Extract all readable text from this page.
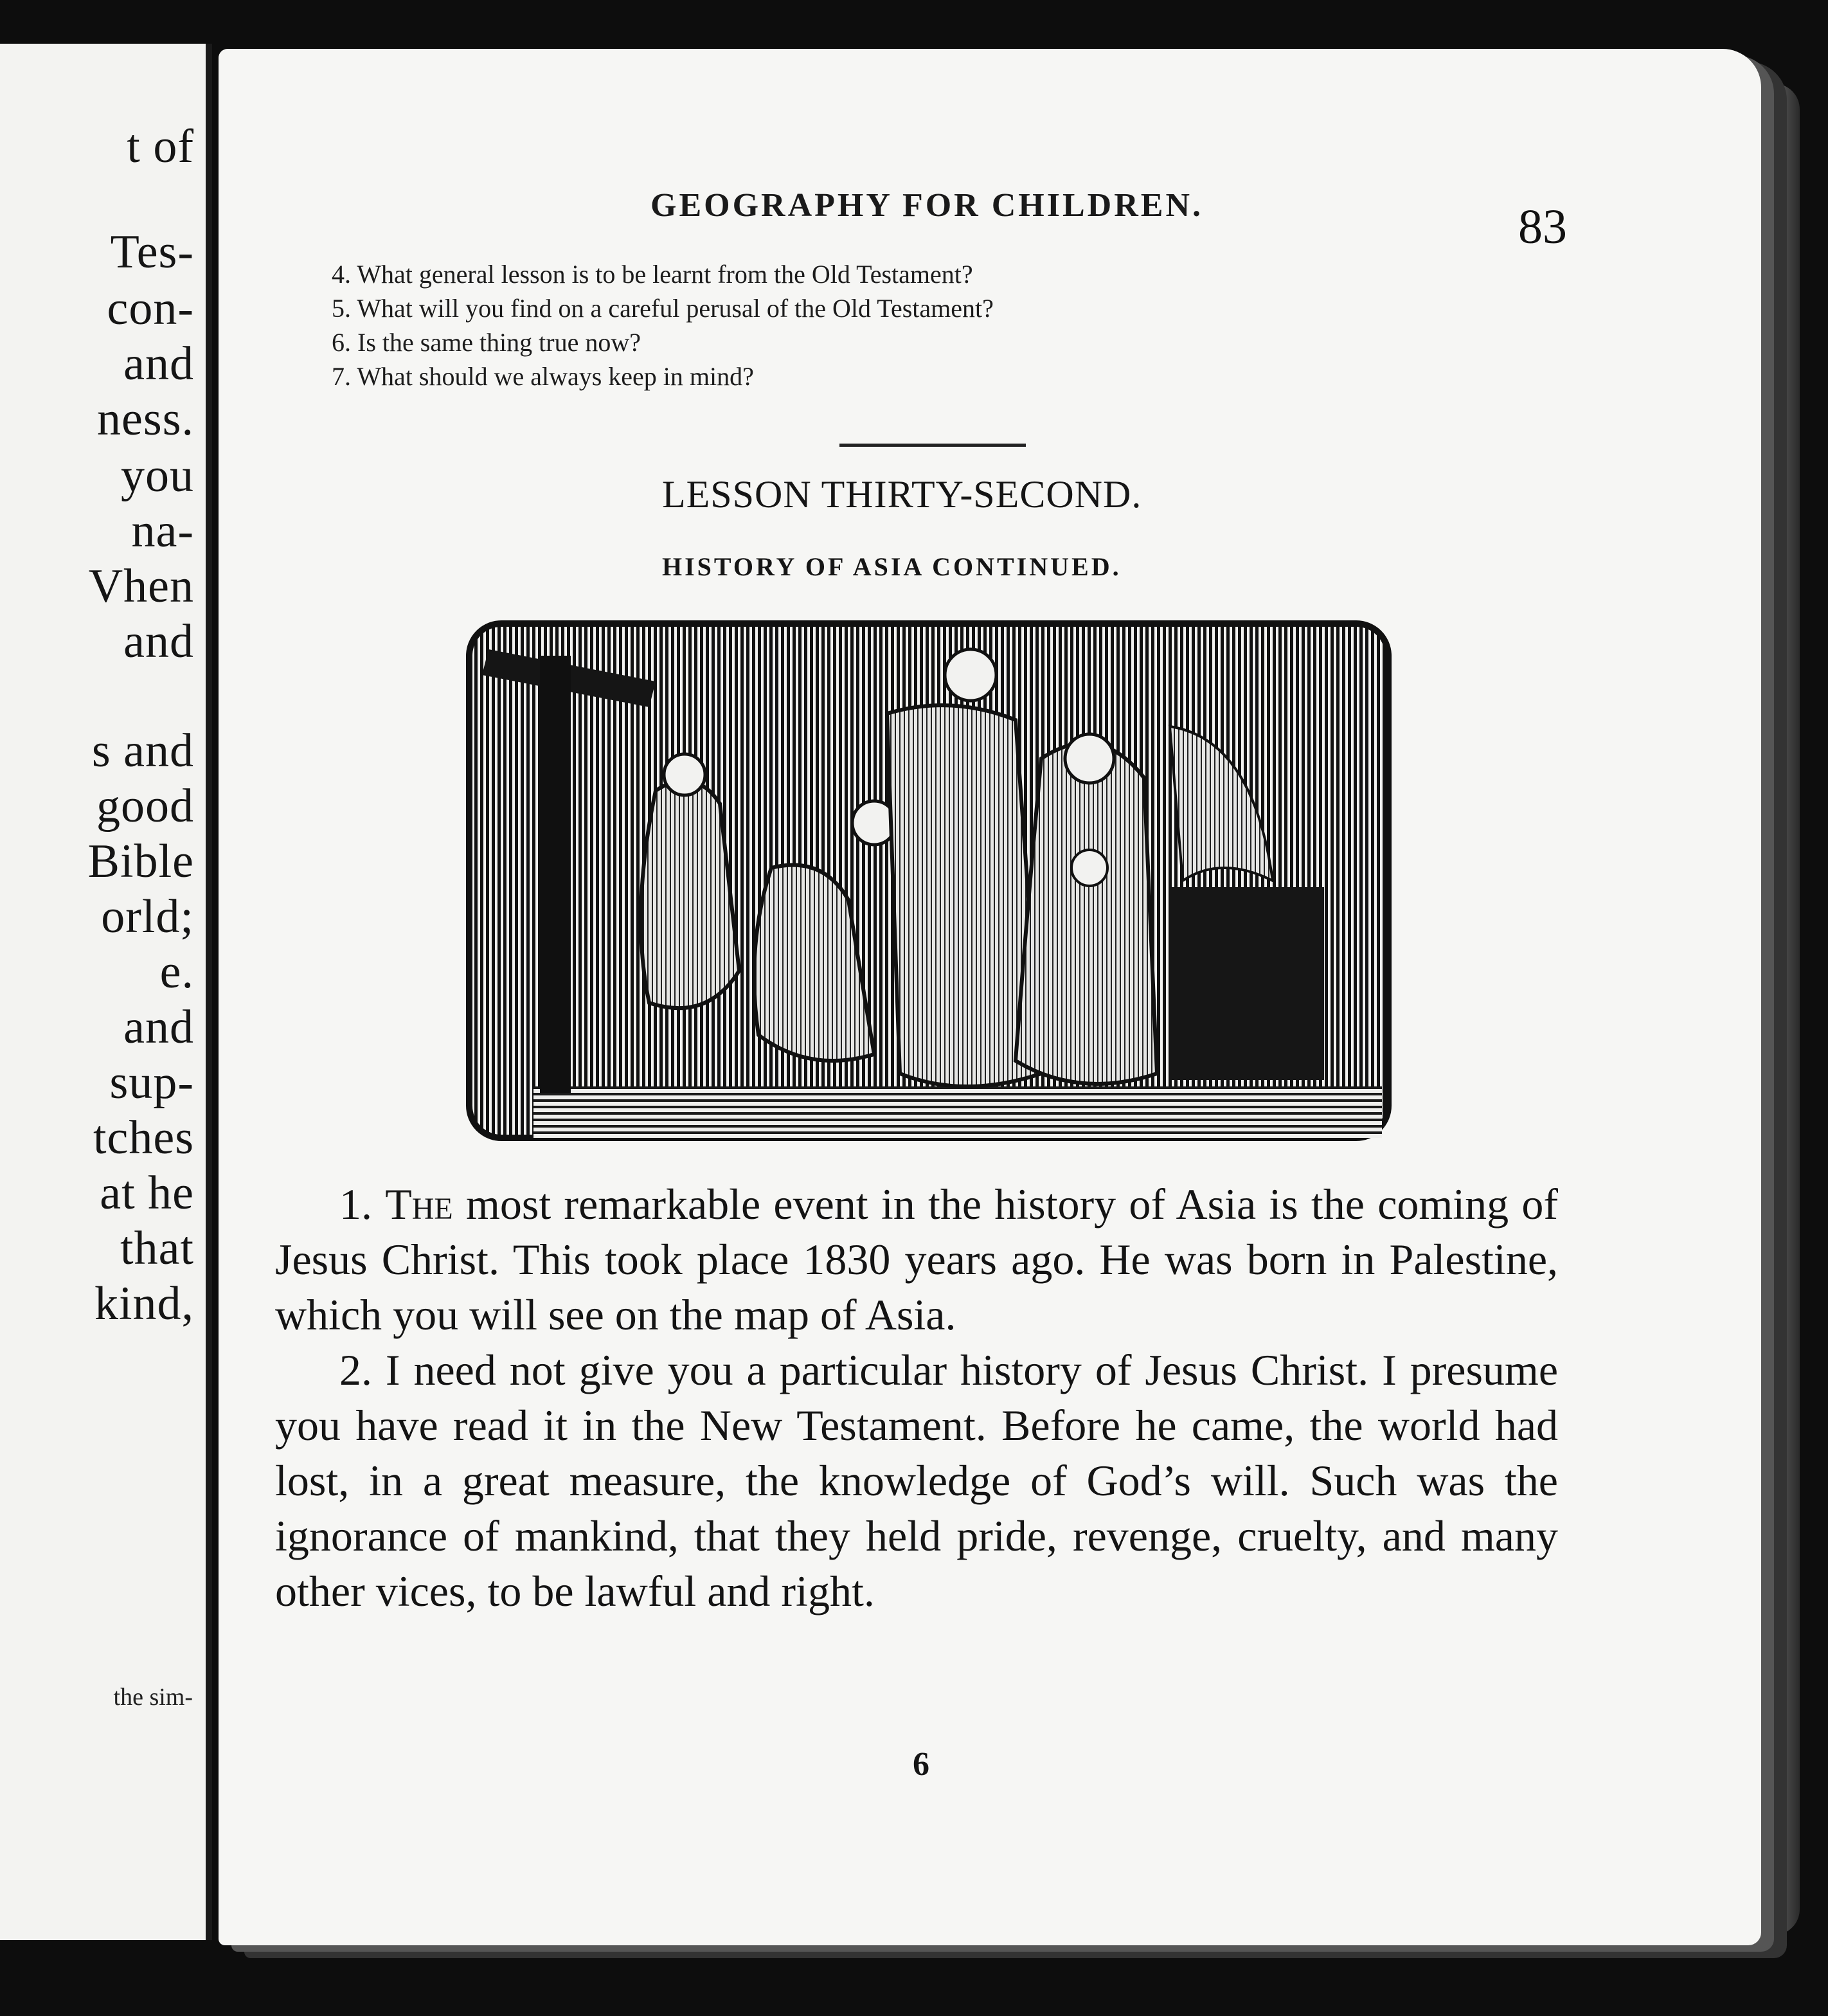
t of
Tes-
con-
and
ness.
you
na-
Vhen
and
s and
good
Bible
orld;
e.
and
sup-
tches
at he
that
kind,
the sim-
GEOGRAPHY FOR CHILDREN.	83
4. What general lesson is to be learnt from the Old Testament?
5. What will you find on a careful perusal of the Old Testament?
6. Is the same thing true now?
7. What should we always keep in mind?
LESSON THIRTY-SECOND.
HISTORY OF ASIA CONTINUED.

1. The most remarkable event in the history of Asia is the coming of Jesus Christ. This took place 1830 years ago. He was born in Palestine, which you will see on the map of Asia.

2. I need not give you a particular history of Jesus Christ. I presume you have read it in the New Testament. Before he came, the world had lost, in a great measure, the knowledge of God’s will. Such was the ignorance of mankind, that they held pride, revenge, cruelty, and many other vices, to be lawful and right.

6
